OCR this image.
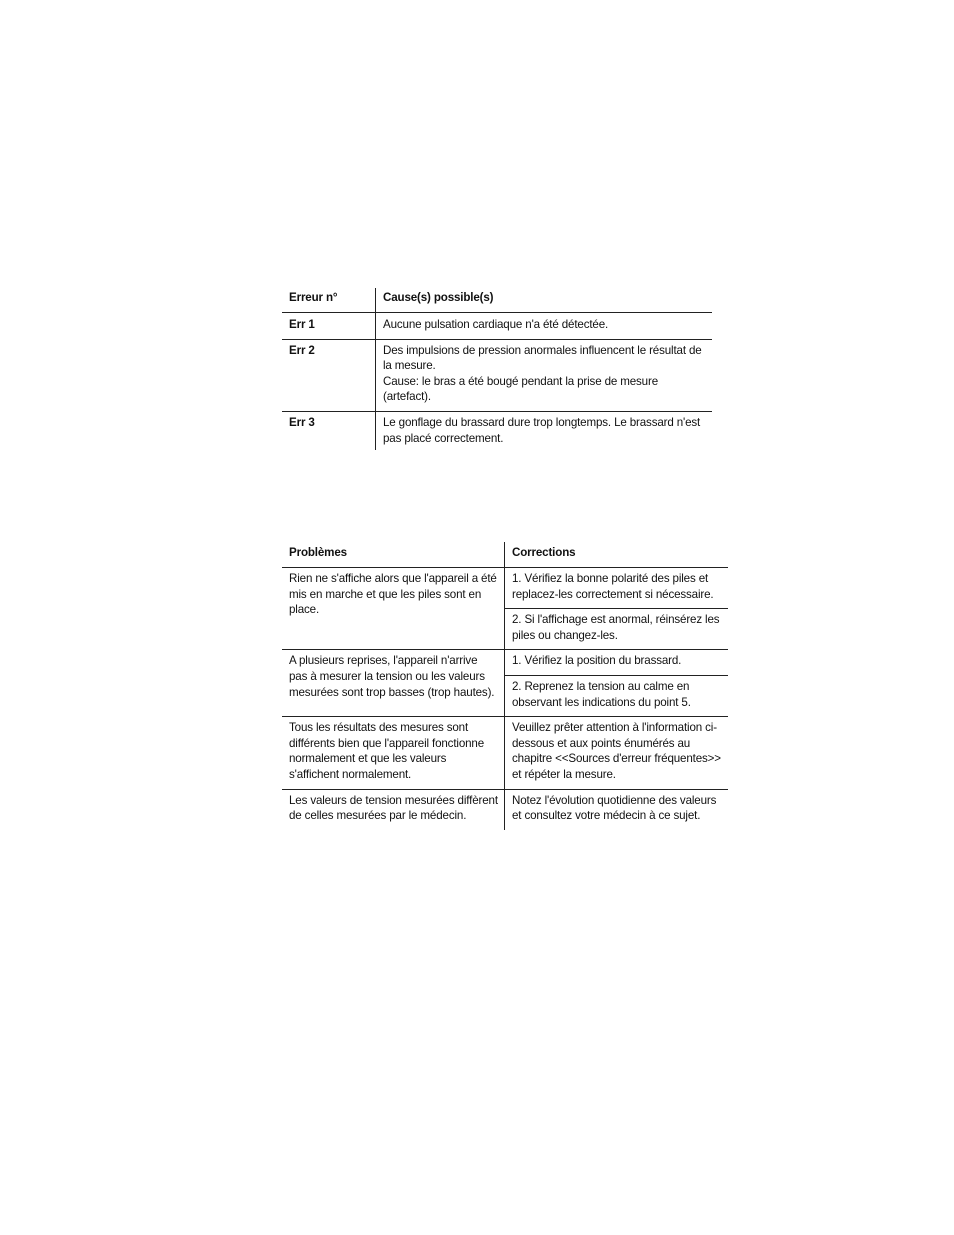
Erreur n°	Cause(s) possible(s)
Err 1	Aucune pulsation cardiaque n'a été détectée.

Err 2	Des impulsions de pression anormales influencent le résultat de la mesure.
Cause: le bras a été bougé pendant la prise de mesure (artefact).

Err 3	Le gonflage du brassard dure trop longtemps. Le brassard n'est pas placé correctement.
Problèmes	Corrections
Rien ne s'affiche alors que l'appareil a été mis en marche et que les piles sont en place.	1. Vérifiez la bonne polarité des piles et replacez-les correctement si nécessaire.
2. Si l'affichage est anormal, réinsérez les piles ou changez-les.

A plusieurs reprises, l'appareil n'arrive pas à mesurer la tension ou les valeurs mesurées sont trop basses (trop hautes).	1. Vérifiez la position du brassard.
2. Reprenez la tension au calme en observant les indications du point 5.

Tous les résultats des mesures sont différents bien que l'appareil fonctionne normalement et que les valeurs s'affichent normalement.	Veuillez prêter attention à l'information ci-dessous et aux points énumérés au chapitre <<Sources d'erreur fréquentes>> et répéter la mesure.

Les valeurs de tension mesurées diffèrent de celles mesurées par le médecin.	Notez l'évolution quotidienne des valeurs et consultez votre médecin à ce sujet.
